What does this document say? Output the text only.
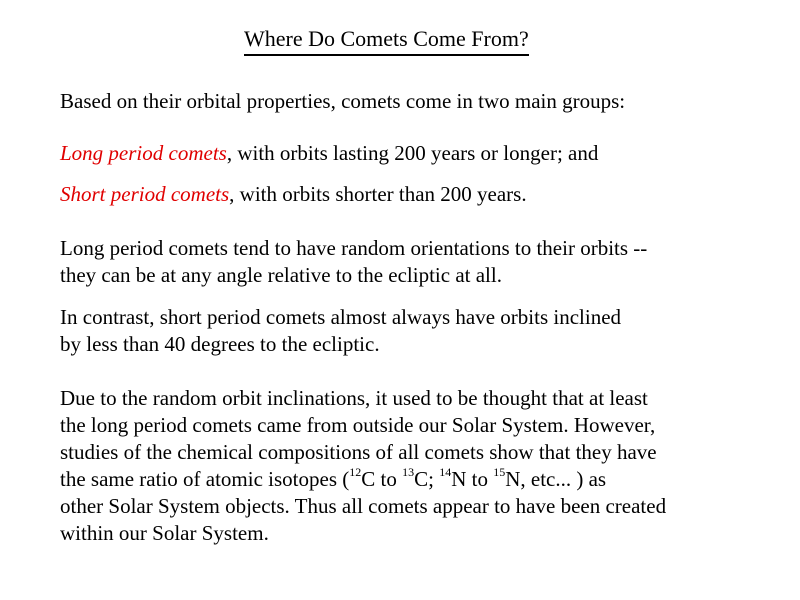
Where Do Comets Come From?
Based on their orbital properties, comets come in two main groups:
Long period comets, with orbits lasting 200 years or longer; and
Short period comets, with orbits shorter than 200 years.
Long period comets tend to have random orientations to their orbits --
they can be at any angle relative to the ecliptic at all.
In contrast, short period comets almost always have orbits inclined
by less than 40 degrees to the ecliptic.
Due to the random orbit inclinations, it used to be thought that at least
the long period comets came from outside our Solar System. However,
studies of the chemical compositions of all comets show that they have
the same ratio of atomic isotopes ($^{12}$C to $^{13}$C; $^{14}$N to $^{15}$N, etc... ) as
other Solar System objects. Thus all comets appear to have been created
within our Solar System.
